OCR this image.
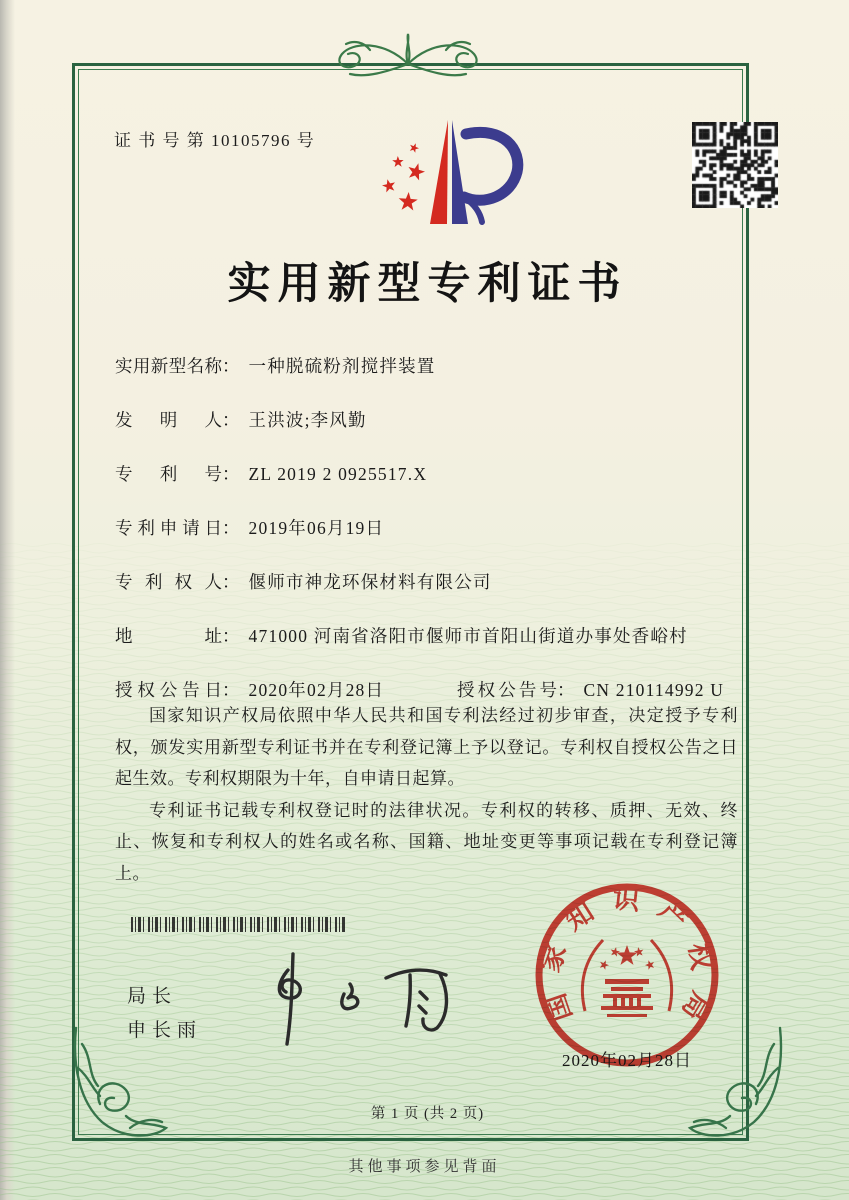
证 书 号 第 10105796 号
实用新型专利证书
实用新型名称 ： 一种脱硫粉剂搅拌装置
发明人 ： 王洪波;李风勤
专利号 ： ZL 2019 2 0925517.X
专利申请日 ： 2019年06月19日
专利权人 ： 偃师市神龙环保材料有限公司
地址 ： 471000 河南省洛阳市偃师市首阳山街道办事处香峪村
授权公告日 ： 2020年02月28日	授权公告号 ： CN 210114992 U

国家知识产权局依照中华人民共和国专利法经过初步审查，决定授予专利权，颁发实用新型专利证书并在专利登记簿上予以登记。专利权自授权公告之日起生效。专利权期限为十年，自申请日起算。

专利证书记载专利权登记时的法律状况。专利权的转移、质押、无效、终止、恢复和专利权人的姓名或名称、国籍、地址变更等事项记载在专利登记簿上。

局长
申长雨
国家知识产权局
2020年02月28日
第 1 页 (共 2 页)
其他事项参见背面
